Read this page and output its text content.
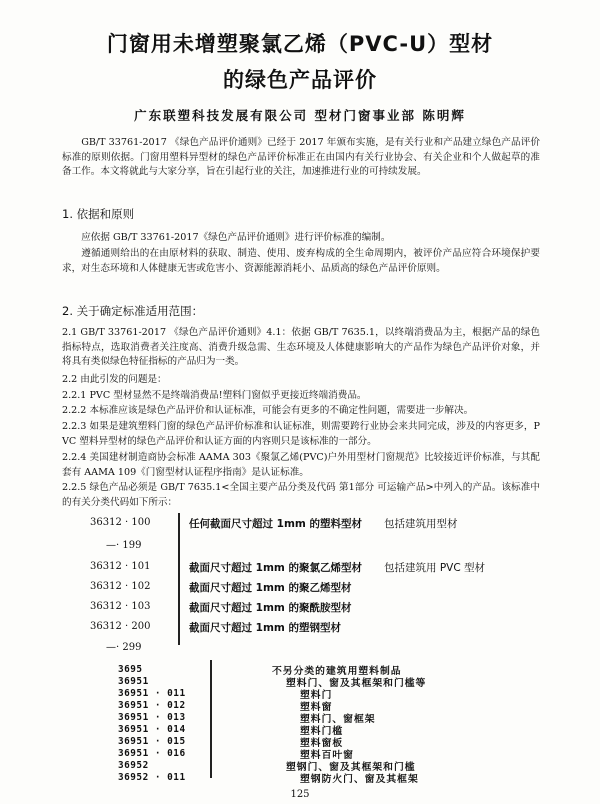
门窗用未增塑聚氯乙烯（PVC-U）型材
的绿色产品评价
广东联塑科技发展有限公司 型材门窗事业部 陈明辉
GB/T 33761-2017 《绿色产品评价通则》已经于 2017 年颁布实施，是有关行业和产品建立绿色产品评价标准的原则依据。门窗用塑料异型材的绿色产品评价标准正在由国内有关行业协会、有关企业和个人做起草的准备工作。本文将就此与大家分享，旨在引起行业的关注，加速推进行业的可持续发展。
1. 依据和原则
应依据 GB/T 33761-2017《绿色产品评价通则》进行评价标准的编制。
遵循通则给出的在由原材料的获取、制造、使用、废弃构成的全生命周期内，被评价产品应符合环境保护要求，对生态环境和人体健康无害或危害小、资源能源消耗小、品质高的绿色产品评价原则。
2. 关于确定标准适用范围：
2.1 GB/T 33761-2017 《绿色产品评价通则》4.1：依据 GB/T 7635.1，以终端消费品为主，根据产品的绿色指标特点，选取消费者关注度高、消费升级急需、生态环境及人体健康影响大的产品作为绿色产品评价对象，并将具有类似绿色特征指标的产品归为一类。
2.2 由此引发的问题是：
2.2.1 PVC 型材显然不是终端消费品!塑料门窗似乎更接近终端消费品。
2.2.2 本标准应该是绿色产品评价和认证标准，可能会有更多的不确定性问题，需要进一步解决。
2.2.3 如果是建筑塑料门窗的绿色产品评价标准和认证标准，则需要跨行业协会来共同完成，涉及的内容更多，PVC 塑料异型材的绿色产品评价和认证方面的内容则只是该标准的一部分。
2.2.4 美国建材制造商协会标准 AAMA 303《聚氯乙烯(PVC)户外用型材门窗规范》比较接近评价标准，与其配套有 AAMA 109《门窗型材认证程序指南》是认证标准。
2.2.5 绿色产品必须是 GB/T 7635.1<全国主要产品分类及代码 第1部分 可运输产品>中列入的产品。该标准中的有关分类代码如下所示：
36312 · 100	任何截面尺寸超过 1mm 的塑料型材 包括建筑用型材
—· 199
36312 · 101	截面尺寸超过 1mm 的聚氯乙烯型材 包括建筑用 PVC 型材
36312 · 102	截面尺寸超过 1mm 的聚乙烯型材
36312 · 103	截面尺寸超过 1mm 的聚酰胺型材
36312 · 200	截面尺寸超过 1mm 的塑钢型材
—· 299
3695	不另分类的建筑用塑料制品
36951	塑料门、窗及其框架和门槛等
36951 · 011	塑料门
36951 · 012	塑料窗
36951 · 013	塑料门、窗框架
36951 · 014	塑料门槛
36951 · 015	塑料窗板
36951 · 016	塑料百叶窗
36952	塑钢门、窗及其框架和门槛
36952 · 011	塑钢防火门、窗及其框架
125
